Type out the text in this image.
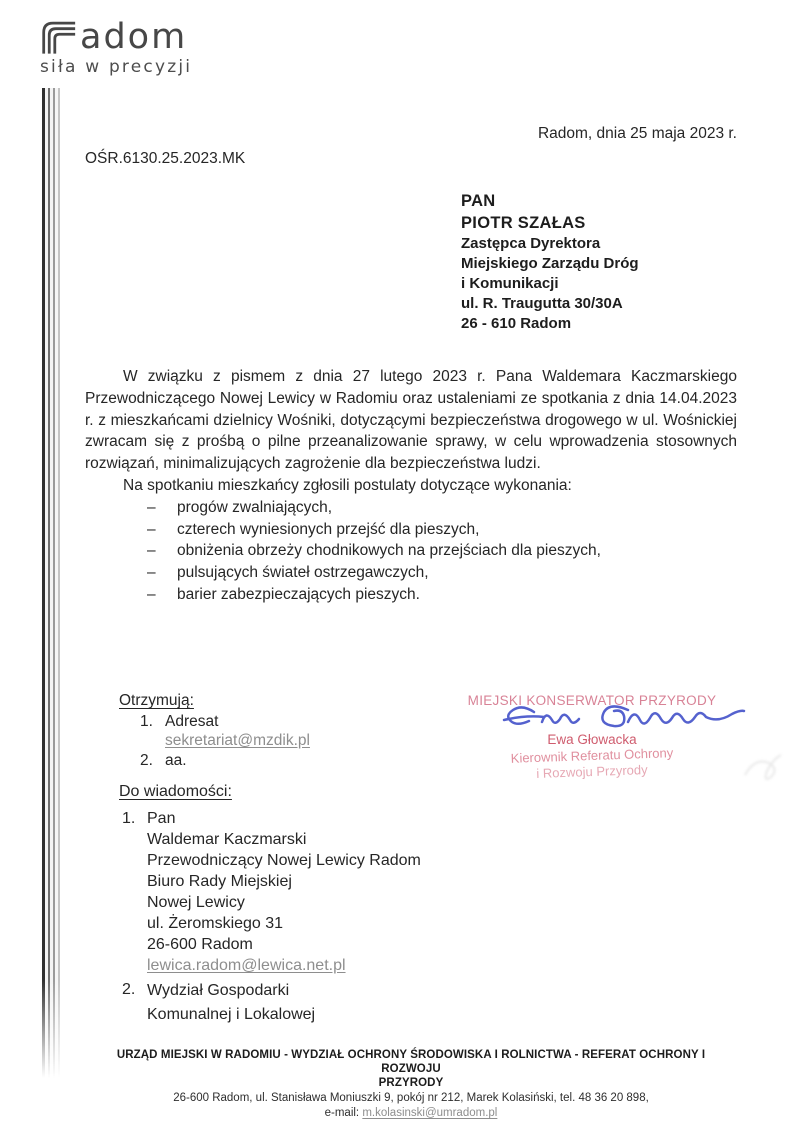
adom
siła w precyzji
Radom, dnia 25 maja 2023 r.
OŚR.6130.25.2023.MK
PAN
PIOTR SZAŁAS
Zastępca Dyrektora
Miejskiego Zarządu Dróg
i Komunikacji
ul. R. Traugutta 30/30A
26 - 610 Radom

W związku z pismem z dnia 27 lutego 2023 r. Pana Waldemara Kaczmarskiego Przewodniczącego Nowej Lewicy w Radomiu oraz ustaleniami ze spotkania z dnia 14.04.2023 r. z mieszkańcami dzielnicy Wośniki, dotyczącymi bezpieczeństwa drogowego w ul. Wośnickiej zwracam się z prośbą o pilne przeanalizowanie sprawy, w celu wprowadzenia stosownych rozwiązań, minimalizujących zagrożenie dla bezpieczeństwa ludzi.

Na spotkaniu mieszkańcy zgłosili postulaty dotyczące wykonania:

–	progów zwalniających,
–	czterech wyniesionych przejść dla pieszych,
–	obniżenia obrzeży chodnikowych na przejściach dla pieszych,
–	pulsujących świateł ostrzegawczych,
–	barier zabezpieczających pieszych.
Otrzymują:
1. Adresat
sekretariat@mzdik.pl
2. aa.
MIEJSKI KONSERWATOR PRZYRODY
Ewa Głowacka
Kierownik Referatu Ochrony
i Rozwoju Przyrody
Do wiadomości:
1. Pan
Waldemar Kaczmarski
Przewodniczący Nowej Lewicy Radom
Biuro Rady Miejskiej
Nowej Lewicy
ul. Żeromskiego 31
26-600 Radom
lewica.radom@lewica.net.pl
2. Wydział Gospodarki
Komunalnej i Lokalowej
URZĄD MIEJSKI W RADOMIU - WYDZIAŁ OCHRONY ŚRODOWISKA I ROLNICTWA - REFERAT OCHRONY I ROZWOJU
PRZYRODY
26-600 Radom, ul. Stanisława Moniuszki 9, pokój nr 212, Marek Kolasiński, tel. 48 36 20 898,
e-mail: m.kolasinski@umradom.pl
